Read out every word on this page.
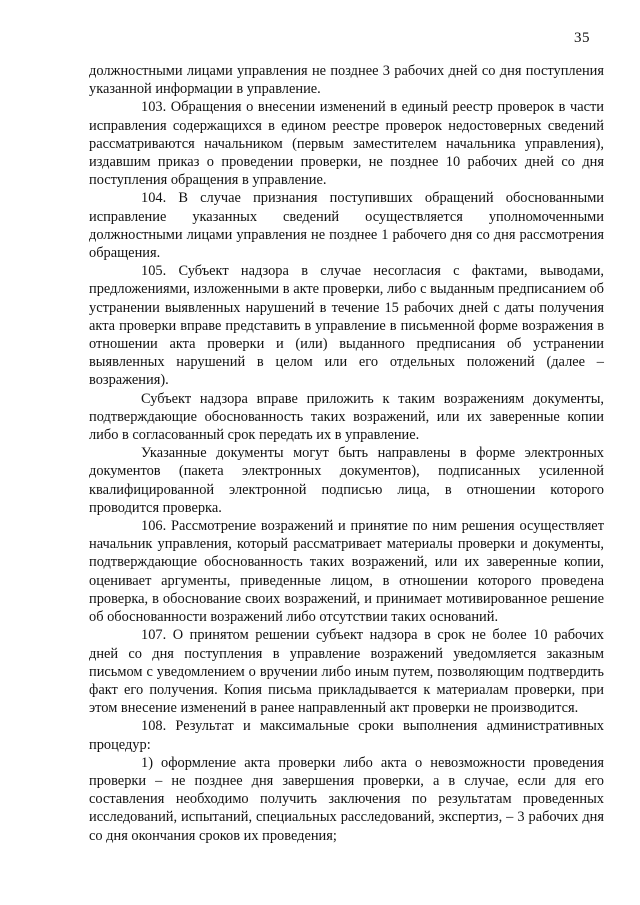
35

должностными лицами управления не позднее 3 рабочих дней со дня поступления указанной информации в управление.

103. Обращения о внесении изменений в единый реестр проверок в части исправления содержащихся в едином реестре проверок недостоверных сведений рассматриваются начальником (первым заместителем начальника управления), издавшим приказ о проведении проверки, не позднее 10 рабочих дней со дня поступления обращения в управление.

104. В случае признания поступивших обращений обоснованными исправление указанных сведений осуществляется уполномоченными должностными лицами управления не позднее 1 рабочего дня со дня рассмотрения обращения.

105. Субъект надзора в случае несогласия с фактами, выводами, предложениями, изложенными в акте проверки, либо с выданным предписанием об устранении выявленных нарушений в течение 15 рабочих дней с даты получения акта проверки вправе представить в управление в письменной форме возражения в отношении акта проверки и (или) выданного предписания об устранении выявленных нарушений в целом или его отдельных положений (далее – возражения).

Субъект надзора вправе приложить к таким возражениям документы, подтверждающие обоснованность таких возражений, или их заверенные копии либо в согласованный срок передать их в управление.

Указанные документы могут быть направлены в форме электронных документов (пакета электронных документов), подписанных усиленной квалифицированной электронной подписью лица, в отношении которого проводится проверка.

106. Рассмотрение возражений и принятие по ним решения осуществляет начальник управления, который рассматривает материалы проверки и документы, подтверждающие обоснованность таких возражений, или их заверенные копии, оценивает аргументы, приведенные лицом, в отношении которого проведена проверка, в обоснование своих возражений, и принимает мотивированное решение об обоснованности возражений либо отсутствии таких оснований.

107. О принятом решении субъект надзора в срок не более 10 рабочих дней со дня поступления в управление возражений уведомляется заказным письмом с уведомлением о вручении либо иным путем, позволяющим подтвердить факт его получения. Копия письма прикладывается к материалам проверки, при этом внесение изменений в ранее направленный акт проверки не производится.

108. Результат и максимальные сроки выполнения административных процедур:

1) оформление акта проверки либо акта о невозможности проведения проверки – не позднее дня завершения проверки, а в случае, если для его составления необходимо получить заключения по результатам проведенных исследований, испытаний, специальных расследований, экспертиз, – 3 рабочих дня со дня окончания сроков их проведения;
